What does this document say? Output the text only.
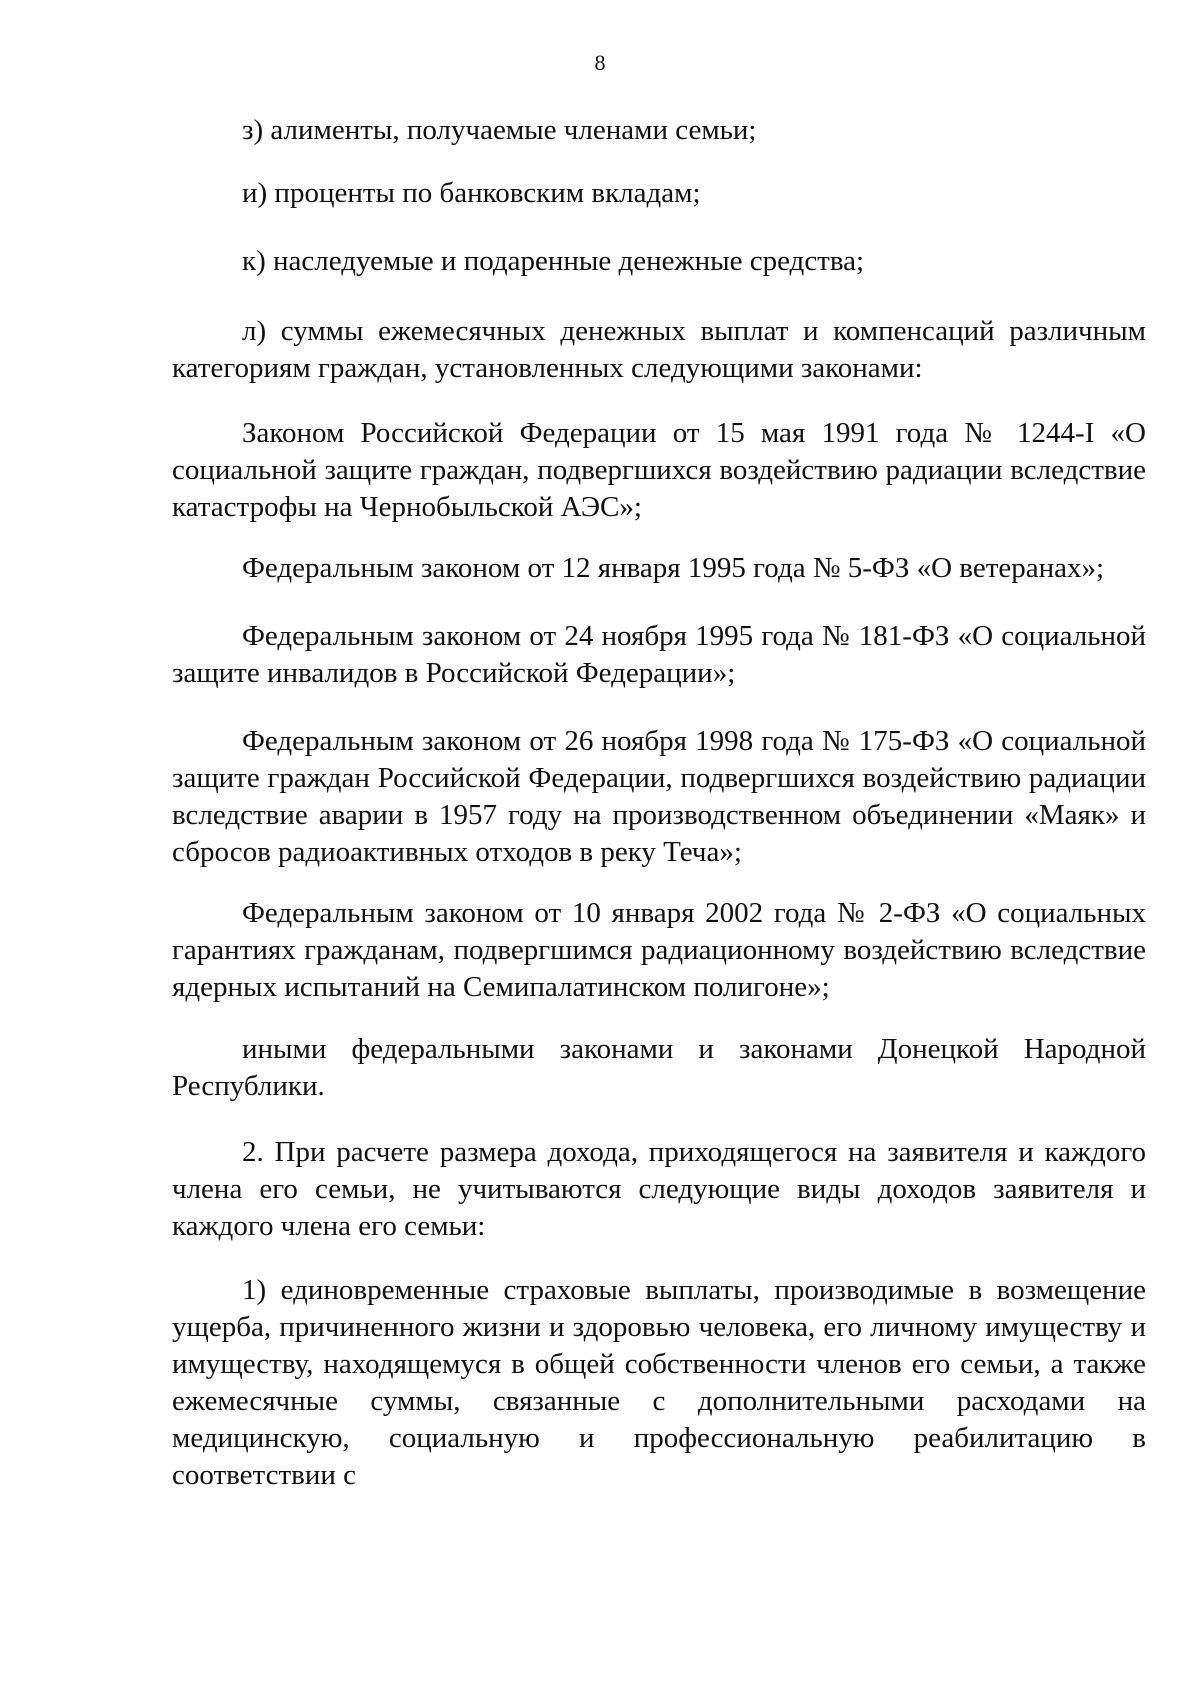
8

з) алименты, получаемые членами семьи;

и) проценты по банковским вкладам;

к) наследуемые и подаренные денежные средства;

л) суммы ежемесячных денежных выплат и компенсаций различным категориям граждан, установленных следующими законами:

Законом Российской Федерации от 15 мая 1991 года № 1244-I «О социальной защите граждан, подвергшихся воздействию радиации вследствие катастрофы на Чернобыльской АЭС»;

Федеральным законом от 12 января 1995 года № 5-ФЗ «О ветеранах»;

Федеральным законом от 24 ноября 1995 года № 181-ФЗ «О социальной защите инвалидов в Российской Федерации»;

Федеральным законом от 26 ноября 1998 года № 175-ФЗ «О социальной защите граждан Российской Федерации, подвергшихся воздействию радиации вследствие аварии в 1957 году на производственном объединении «Маяк» и сбросов радиоактивных отходов в реку Теча»;

Федеральным законом от 10 января 2002 года № 2-ФЗ «О социальных гарантиях гражданам, подвергшимся радиационному воздействию вследствие ядерных испытаний на Семипалатинском полигоне»;

иными федеральными законами и законами Донецкой Народной Республики.

2. При расчете размера дохода, приходящегося на заявителя и каждого члена его семьи, не учитываются следующие виды доходов заявителя и каждого члена его семьи:

1) единовременные страховые выплаты, производимые в возмещение ущерба, причиненного жизни и здоровью человека, его личному имуществу и имуществу, находящемуся в общей собственности членов его семьи, а также ежемесячные суммы, связанные с дополнительными расходами на медицинскую, социальную и профессиональную реабилитацию в соответствии с
